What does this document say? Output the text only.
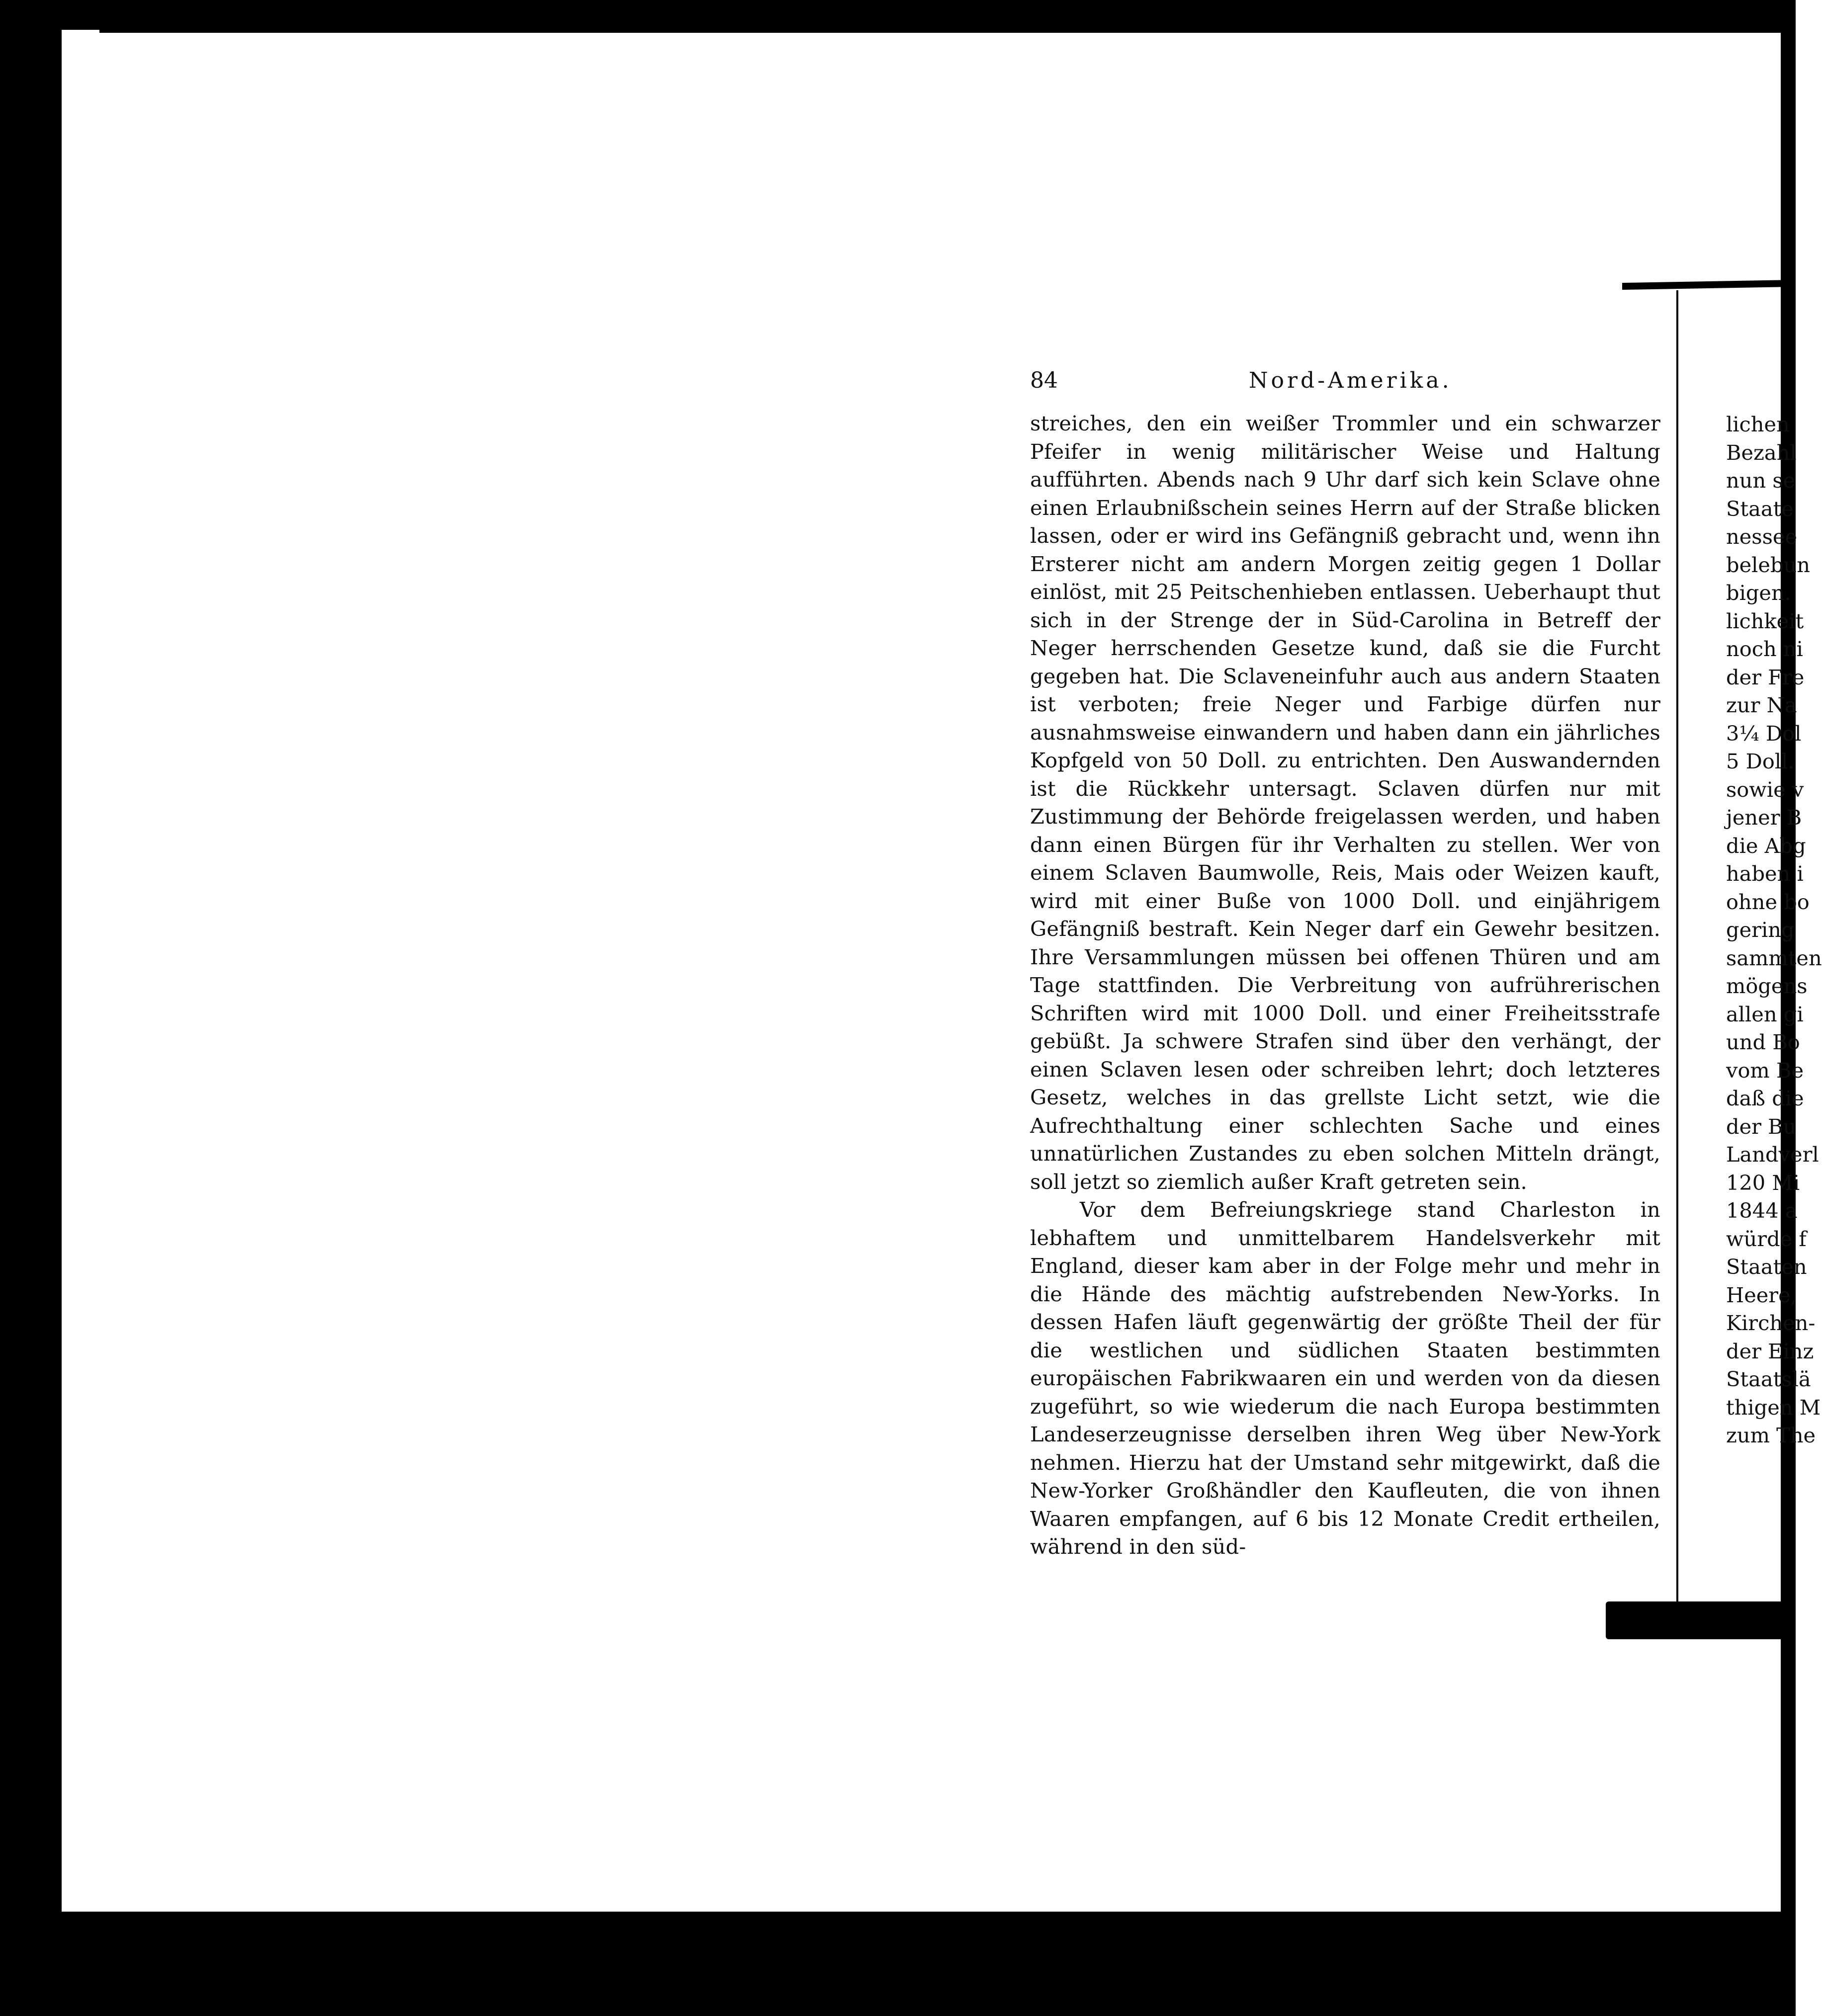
84	Nord-Amerika.

streiches, den ein weißer Trommler und ein schwarzer Pfeifer in wenig militärischer Weise und Haltung aufführten. Abends nach 9 Uhr darf sich kein Sclave ohne einen Erlaubnißschein seines Herrn auf der Straße blicken lassen, oder er wird ins Gefängniß gebracht und, wenn ihn Ersterer nicht am andern Morgen zeitig gegen 1 Dollar einlöst, mit 25 Peitschenhieben entlassen. Ueberhaupt thut sich in der Strenge der in Süd-Carolina in Betreff der Neger herrschenden Gesetze kund, daß sie die Furcht gegeben hat. Die Sclaveneinfuhr auch aus andern Staaten ist verboten; freie Neger und Farbige dürfen nur ausnahmsweise einwandern und haben dann ein jährliches Kopfgeld von 50 Doll. zu entrichten. Den Auswandernden ist die Rückkehr untersagt. Sclaven dürfen nur mit Zustimmung der Behörde freigelassen werden, und haben dann einen Bürgen für ihr Verhalten zu stellen. Wer von einem Sclaven Baumwolle, Reis, Mais oder Weizen kauft, wird mit einer Buße von 1000 Doll. und einjährigem Gefängniß bestraft. Kein Neger darf ein Gewehr besitzen. Ihre Versammlungen müssen bei offenen Thüren und am Tage stattfinden. Die Verbreitung von aufrührerischen Schriften wird mit 1000 Doll. und einer Freiheitsstrafe gebüßt. Ja schwere Strafen sind über den verhängt, der einen Sclaven lesen oder schreiben lehrt; doch letzteres Gesetz, welches in das grellste Licht setzt, wie die Aufrechthaltung einer schlechten Sache und eines unnatürlichen Zustandes zu eben solchen Mitteln drängt, soll jetzt so ziemlich außer Kraft getreten sein.

Vor dem Befreiungskriege stand Charleston in lebhaftem und unmittelbarem Handelsverkehr mit England, dieser kam aber in der Folge mehr und mehr in die Hände des mächtig aufstrebenden New-Yorks. In dessen Hafen läuft gegenwärtig der größte Theil der für die westlichen und südlichen Staaten bestimmten europäischen Fabrikwaaren ein und werden von da diesen zugeführt, so wie wiederum die nach Europa bestimmten Landeserzeugnisse derselben ihren Weg über New-York nehmen. Hierzu hat der Umstand sehr mitgewirkt, daß die New-Yorker Großhändler den Kaufleuten, die von ihnen Waaren empfangen, auf 6 bis 12 Monate Credit ertheilen, während in den süd-

lichen
Bezahl
nun se
Staate
nessee
belebun
bigen.
lichkeit
noch ni
der Fre
zur Na
3¼ Dol
5 Doll.
sowie v
jener B
die Abg
haben i
ohne bo
gering
sammten
mögens
allen gi
und Bo
vom Be
daß die
der Bu
Landverl
120 Mi
1844 a
würde f
Staaten
Heere,
Kirchen-
der Einz
Staatslä
thigen M
zum The
